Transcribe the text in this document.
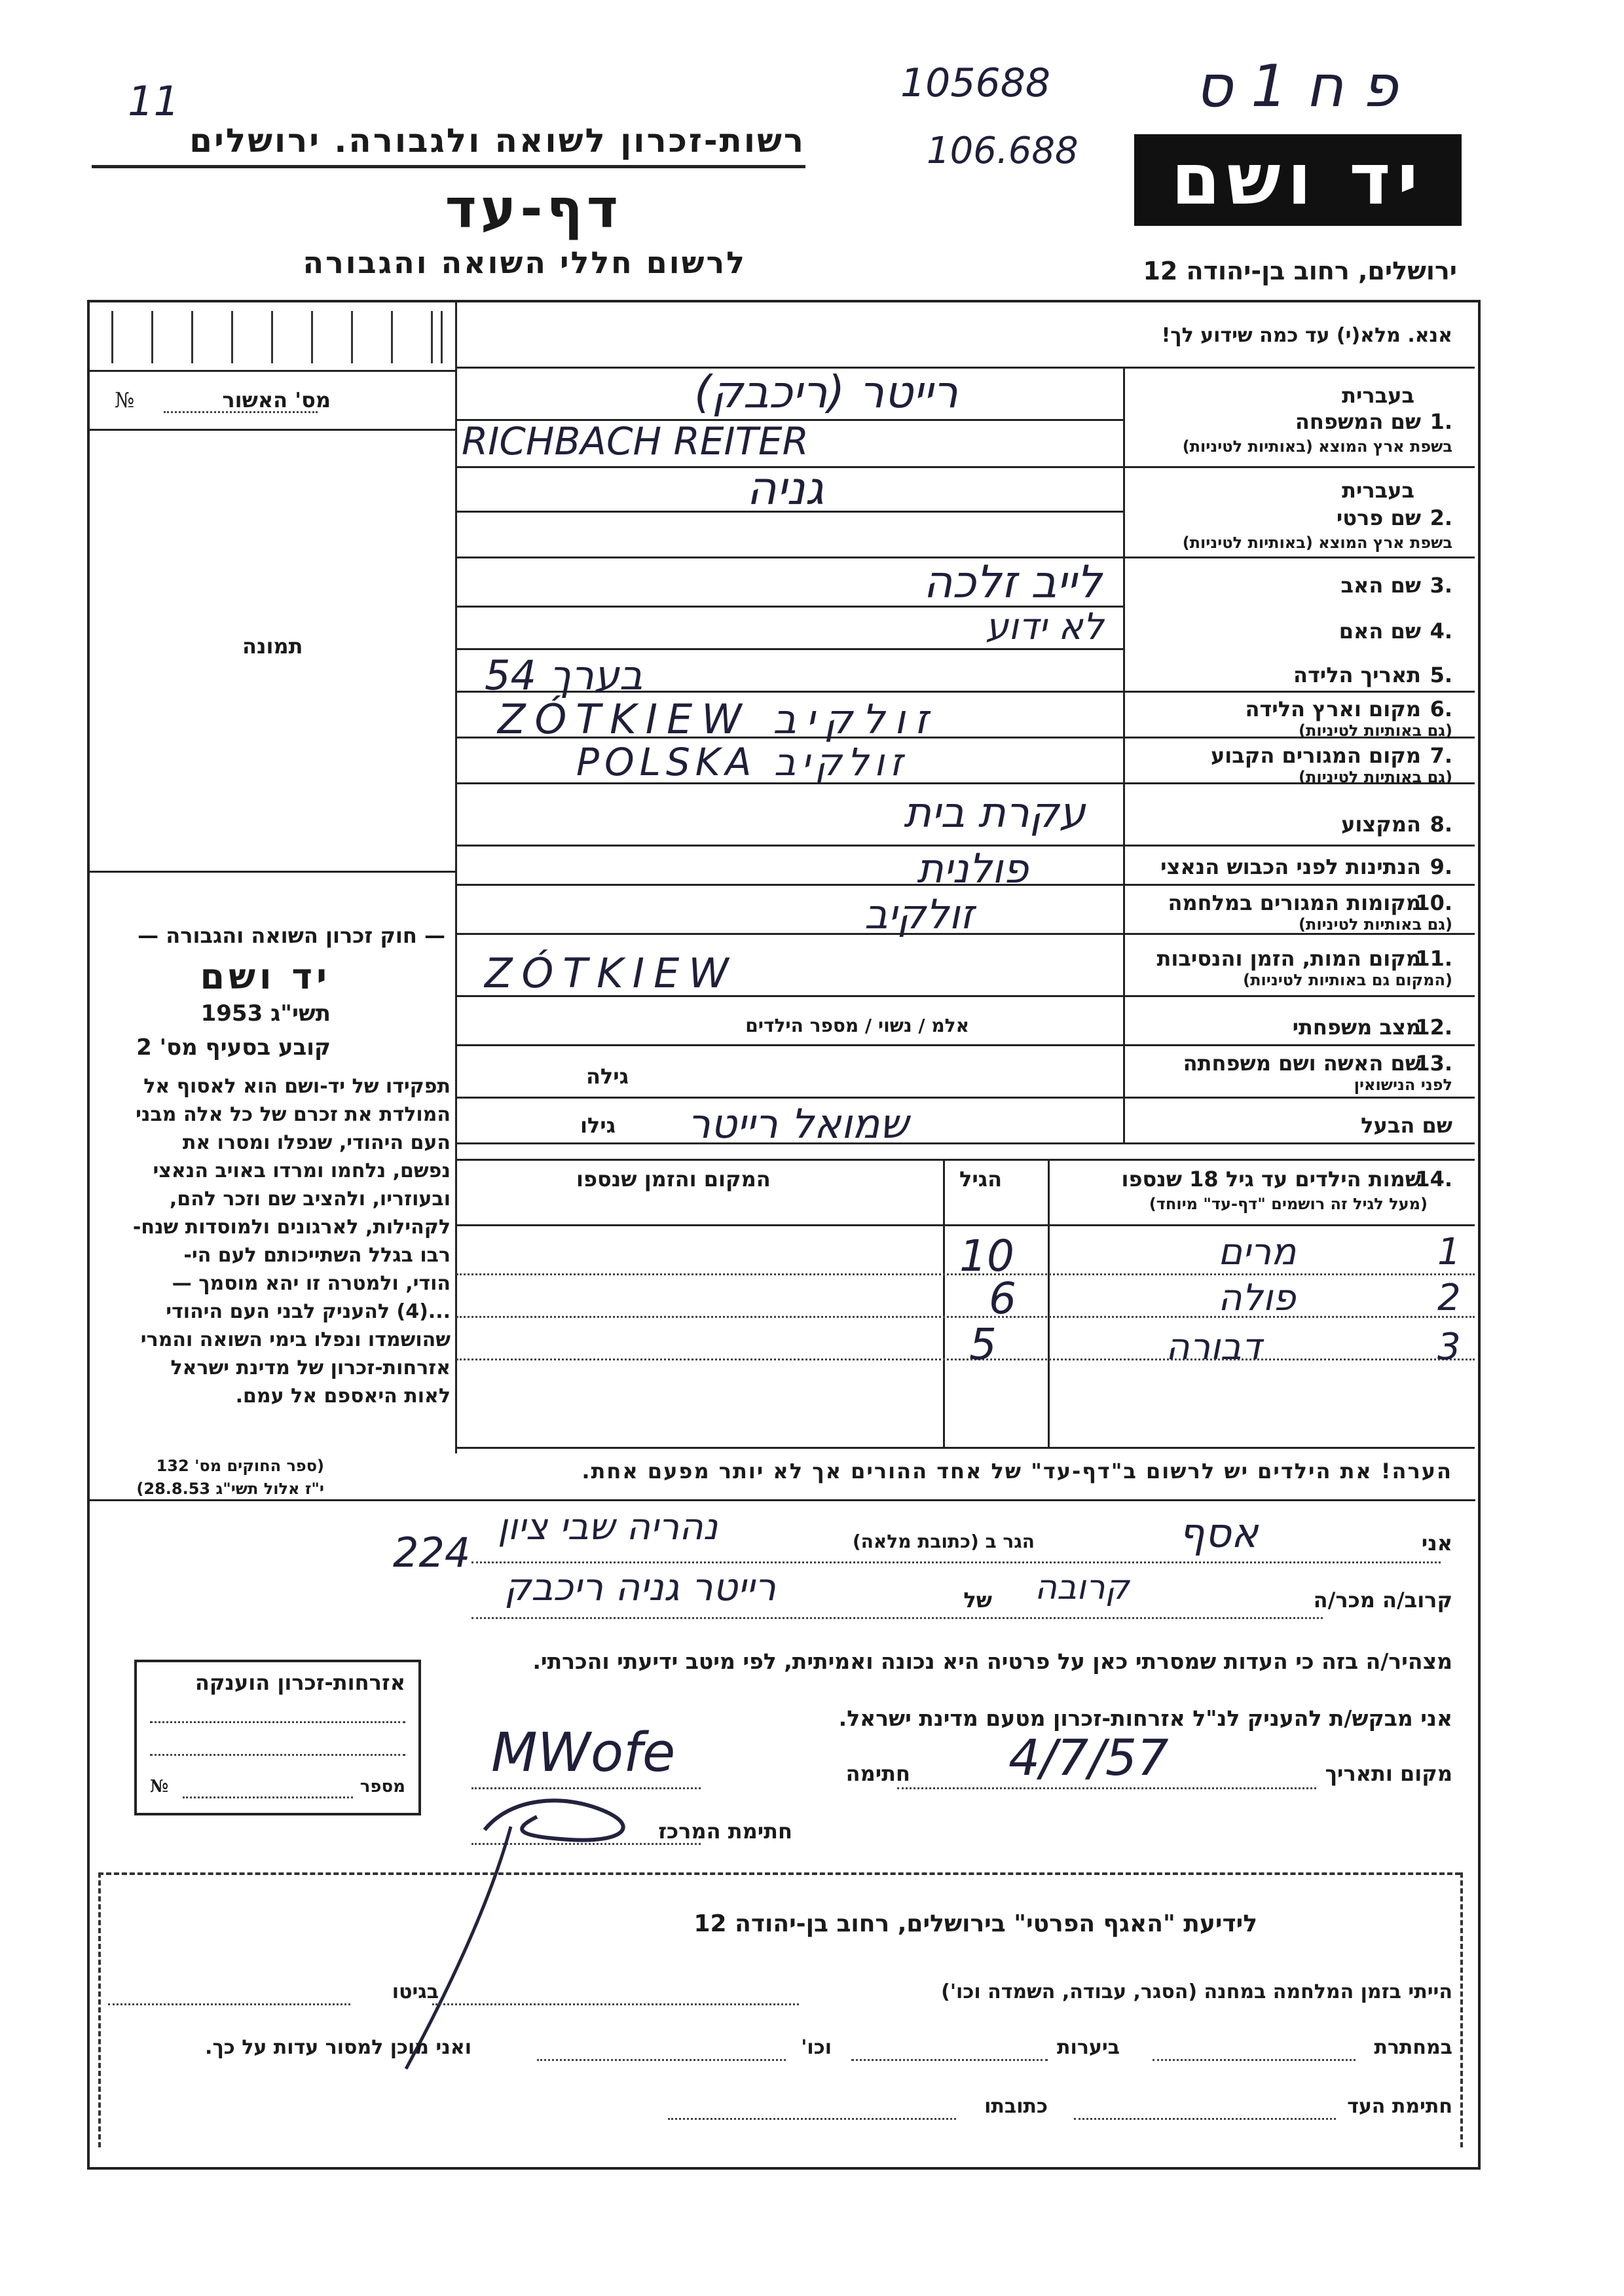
11
רשות-זכרון לשואה ולגבורה. ירושלים
דף-עד
לרשום חללי השואה והגבורה
105688
106.688
פ ח 1 ס
יד ושם
ירושלים, רחוב בן-יהודה 12
אנא. מלא(י) עד כמה שידוע לך!
מס' האשור
№
תמונה
— חוק זכרון השואה והגבורה —
יד ושם
תשי"ג 1953
קובע בסעיף מס' 2
תפקידו של יד-ושם הוא לאסוף אל
המולדת את זכרם של כל אלה מבני
העם היהודי, שנפלו ומסרו את
נפשם, נלחמו ומרדו באויב הנאצי
ובעוזריו, ולהציב שם וזכר להם,
לקהילות, לארגונים ולמוסדות שנח-
רבו בגלל השתייכותם לעם הי-
הודי, ולמטרה זו יהא מוסמך —
...(4) להעניק לבני העם היהודי
שהושמדו ונפלו בימי השואה והמרי
אזרחות-זכרון של מדינת ישראל
לאות היאספם אל עמם.
(ספר החוקים מס' 132
י"ז אלול תשי"ג 28.8.53)
בעברית
1.
שם המשפחה
בשפת ארץ המוצא (באותיות לטיניות)
רייטר (ריכבק)
RICHBACH REITER
בעברית
2.
שם פרטי
בשפת ארץ המוצא (באותיות לטיניות)
גניה
3.
שם האב
לייב זלכה
4.
שם האם
לא ידוע
5.
תאריך הלידה
בערך 54
6.
מקום וארץ הלידה
(גם באותיות לטיניות)
ZÓTKIEW זולקיב
7.
מקום המגורים הקבוע
(גם באותיות לטיניות)
POLSKA זולקיב
8.
המקצוע
עקרת בית
9.
הנתינות לפני הכבוש הנאצי
פולנית
10.
מקומות המגורים במלחמה
(גם באותיות לטיניות)
זולקיב
11.
מקום המות, הזמן והנסיבות
(המקום גם באותיות לטיניות)
ZÓTKIEW
12.
מצב משפחתי
אלמ / נשוי / מספר הילדים
13.
שם האשה ושם משפחתה
לפני הנישואין
גילה
שם הבעל
שמואל רייטר
גילו
14.
שמות הילדים עד גיל 18 שנספו
(מעל לגיל זה רושמים "דף-עד" מיוחד)
הגיל
המקום והזמן שנספו
1
מרים
10
2
פולה
6
3
דבורה
5
הערה! את הילדים יש לרשום ב"דף-עד" של אחד ההורים אך לא יותר מפעם אחת.
אני
אסף
הגר ב (כתובת מלאה)
נהריה שבי ציון
224
קרוב/ה מכר/ה
קרובה
של
רייטר גניה ריכבק
מצהיר/ה בזה כי העדות שמסרתי כאן על פרטיה היא נכונה ואמיתית, לפי מיטב ידיעתי והכרתי.
אני מבקש/ת להעניק לנ"ל אזרחות-זכרון מטעם מדינת ישראל.
מקום ותאריך
4/7/57
חתימה
MWofe
חתימת המרכז
אזרחות-זכרון הוענקה
מספר
№
לידיעת "האגף הפרטי" בירושלים, רחוב בן-יהודה 12
הייתי בזמן המלחמה במחנה (הסגר, עבודה, השמדה וכו')
בגיטו
במחתרת
ביערות
וכו'
ואני מוכן למסור עדות על כך.
חתימת העד
כתובתו
